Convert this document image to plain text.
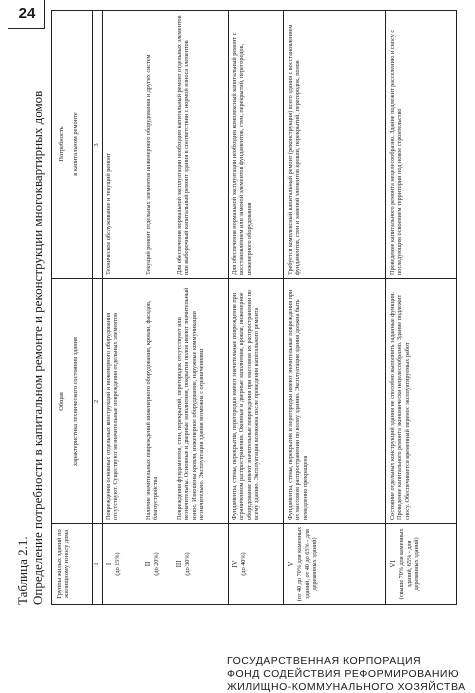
24
Таблица 2.1. Определение потребности в капитальном ремонте и реконструкции многоквартирных домов Группы жилых зданий по жилищному износу дома
Общая	характеристика технического состояния здания
Потребность	в капитальном ремонте
1
2
3
I (до 15%)
Повреждения основных отдельных конструкций и инженерного оборудования отсутствуют. Существуют незначительные повреждения отдельных элементов
Техническое обслуживание и текущий ремонт
II (до 20%)
Наличие значительных повреждений инженерного оборудования, кровли, фасадов, благоустройства
Текущий ремонт отдельных элементов инженерного оборудования и других систем
III (до 30%)
Повреждения фундаментов, стен, перекрытий, перегородок отсутствуют или незначительны. Основные и дверные заполнения, покрытия полов имеют значительный износ. Изношены кровля, инженерное оборудование, наружные коммуникации незначительно. Эксплуатация здания возможна с ограничениями
Для обеспечения нормальной эксплуатации необходим капитальный ремонт отдельных элементов или выборочный капитальный ремонт здания в соответствии с нормой износа элементов
IV (до 40%)
Фундаменты, стены, перекрытия, перегородки имеют значительные повреждения при ограниченном распространении. Оконные и дверные заполнения, кровля, инженерное оборудование имеют значительные повреждения при массовом их распространении по всему зданию. Эксплуатация возможна после проведения капитального ремонта
Для обеспечения нормальной эксплуатации необходим комплексный капитальный ремонт с восстановлением или заменой элементов фундаментов, стен, перекрытий, перегородок, инженерного оборудования
V (от 40 до 70% для каменных зданий, от 40 до 65% - для деревянных зданий)
Фундаменты, стены, перекрытия и перегородки имеют значительные повреждения при их массовом распространении по всему зданию. Эксплуатация здания должна быть немедленно прекращена
Требуется комплексный капитальный ремонт (реконструкция) всего здания с восстановлением фундаментов, стен и заменой элементов кровли, перекрытий, перегородок, полов
VI (свыше 70% для каменных зданий, 65% - для деревянных зданий)
Состояние отдельных конструкций здания не способно выполнять заданные функции. Проведение капитального ремонта экономически нецелесообразно. Здание подлежит сносу. Обеспечивается временный перенос эксплуатируемых работ
Проведение капитального ремонта нецелесообразно. Здание подлежит расселению и сносу с последующим освоением территории под новое строительство
ГОСУДАРСТВЕННАЯ КОРПОРАЦИЯ
ФОНД СОДЕЙСТВИЯ РЕФОРМИРОВАНИЮ
ЖИЛИЩНО-КОММУНАЛЬНОГО ХОЗЯЙСТВА
